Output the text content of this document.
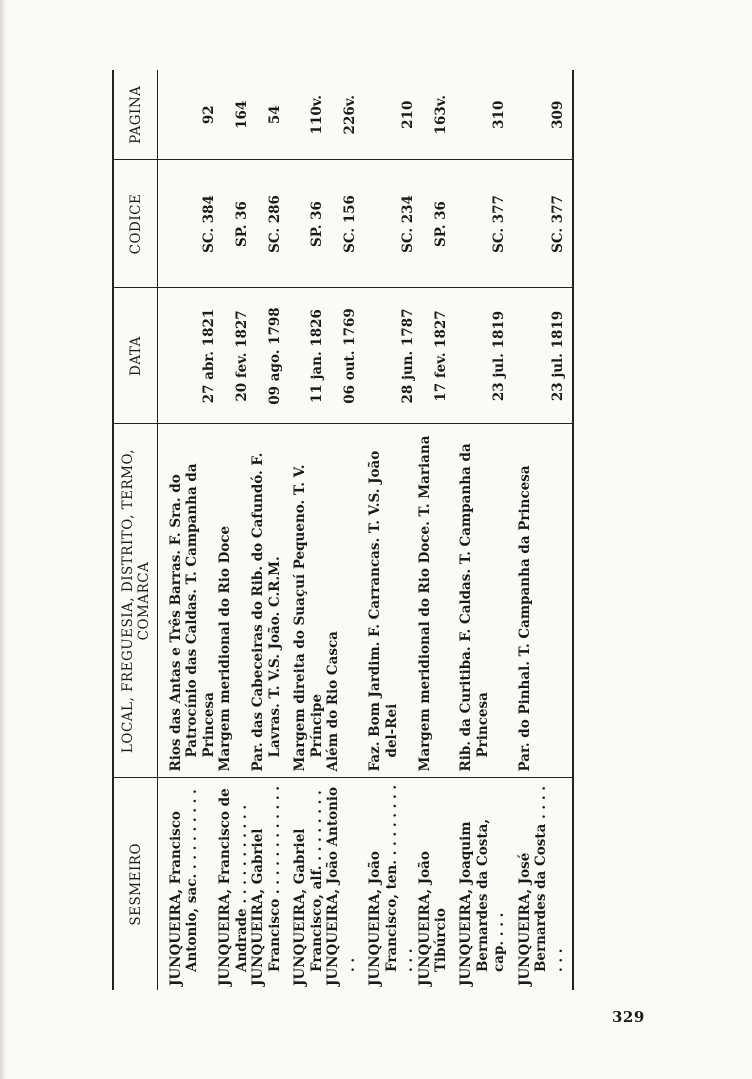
SESMEIRO	LOCAL, FREGUESIA, DISTRITO, TERMO, COMARCA	DATA	CODICE	PAGINA
JUNQUEIRA, Francisco Antonio, sac. . . . . . . . . .	Rios das Antas e Três Barras. F. Sra. do Patrocínio das Caldas. T. Campanha da Princesa	27 abr. 1821	SC. 384	92
JUNQUEIRA, Francisco de Andrade . . . . . . . . . . .	Margem meridional do Rio Doce	20 fev. 1827	SP. 36	164
JUNQUEIRA, Gabriel Francisco . . . . . . . . . . . .	Par. das Cabeceiras do Rib. do Cafundó. F. Lavras. T. V.S. João. C.R.M.	09 ago. 1798	SC. 286	54
JUNQUEIRA, Gabriel Francisco, alf. . . . . . . . .	Margem direita do Suaçuí Pequeno. T. V. Príncipe	11 jan. 1826	SP. 36	110v.
JUNQUEIRA, João Antonio . .	Além do Rio Casca	06 out. 1769	SC. 156	226v.
JUNQUEIRA, João Francisco, ten. . . . . . . . . . . .	Faz. Bom Jardim. F. Carrancas. T. V.S. João del-Rei	28 jun. 1787	SC. 234	210
JUNQUEIRA, João Tibúrcio	Margem meridional do Rio Doce. T. Mariana	17 fev. 1827	SP. 36	163v.
JUNQUEIRA, Joaquim Bernardes da Costa, cap. . . .	Rib. da Curitiba. F. Caldas. T. Campanha da Princesa	23 jul. 1819	SC. 377	310
JUNQUEIRA, José Bernardes da Costa . . . . . . .	Par. do Pinhal. T. Campanha da Princesa	23 jul. 1819	SC. 377	309
329
